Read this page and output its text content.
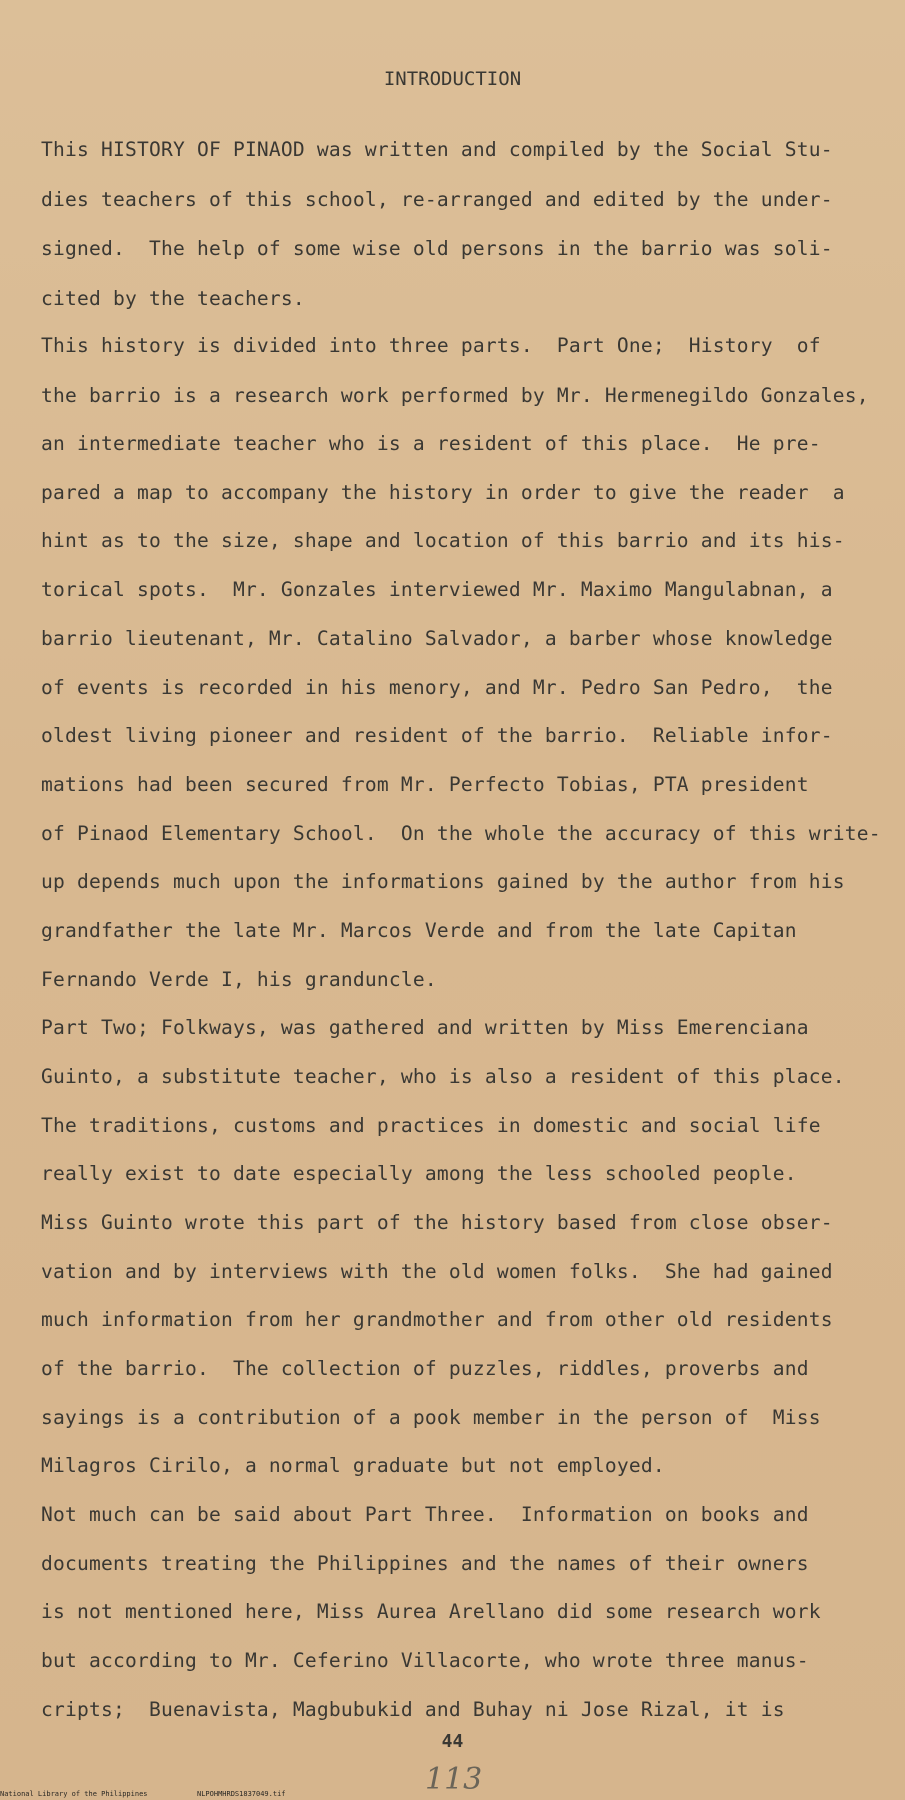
INTRODUCTION
This HISTORY OF PINAOD was written and compiled by the Social Stu-
dies teachers of this school, re-arranged and edited by the under-
signed.  The help of some wise old persons in the barrio was soli-
cited by the teachers.
This history is divided into three parts.  Part One;  History  of
the barrio is a research work performed by Mr. Hermenegildo Gonzales,
an intermediate teacher who is a resident of this place.  He pre-
pared a map to accompany the history in order to give the reader  a
hint as to the size, shape and location of this barrio and its his-
torical spots.  Mr. Gonzales interviewed Mr. Maximo Mangulabnan, a
barrio lieutenant, Mr. Catalino Salvador, a barber whose knowledge
of events is recorded in his menory, and Mr. Pedro San Pedro,  the
oldest living pioneer and resident of the barrio.  Reliable infor-
mations had been secured from Mr. Perfecto Tobias, PTA president
of Pinaod Elementary School.  On the whole the accuracy of this write-
up depends much upon the informations gained by the author from his
grandfather the late Mr. Marcos Verde and from the late Capitan
Fernando Verde I, his granduncle.
Part Two; Folkways, was gathered and written by Miss Emerenciana
Guinto, a substitute teacher, who is also a resident of this place.
The traditions, customs and practices in domestic and social life
really exist to date especially among the less schooled people.
Miss Guinto wrote this part of the history based from close obser-
vation and by interviews with the old women folks.  She had gained
much information from her grandmother and from other old residents
of the barrio.  The collection of puzzles, riddles, proverbs and
sayings is a contribution of a pook member in the person of  Miss
Milagros Cirilo, a normal graduate but not employed.
Not much can be said about Part Three.  Information on books and
documents treating the Philippines and the names of their owners
is not mentioned here, Miss Aurea Arellano did some research work
but according to Mr. Ceferino Villacorte, who wrote three manus-
cripts;  Buenavista, Magbubukid and Buhay ni Jose Rizal, it is
44
113
National Library of the Philippines	NLPOHMHRDS1837049.tif
